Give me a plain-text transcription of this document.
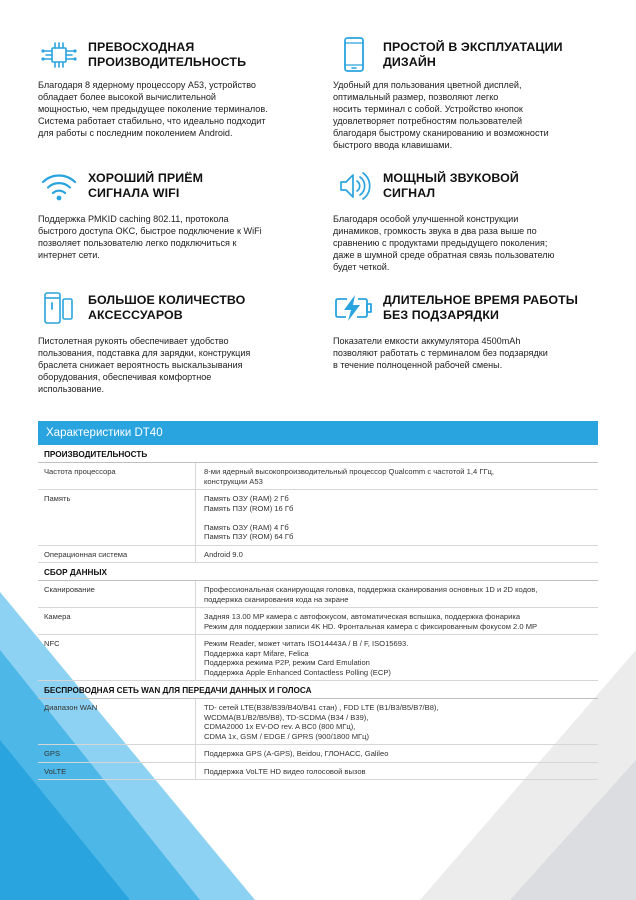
ПРЕВОСХОДНАЯ
ПРОИЗВОДИТЕЛЬНОСТЬ
Благодаря 8 ядерному процессору A53, устройство
обладает более высокой вычислительной
мощностью, чем предыдущее поколение терминалов.
Система работает стабильно, что идеально подходит
для работы с последним поколением Android.
ПРОСТОЙ В ЭКСПЛУАТАЦИИ
ДИЗАЙН
Удобный для пользования цветной дисплей,
оптимальный размер, позволяют легко
носить терминал с собой. Устройство кнопок
удовлетворяет потребностям пользователей
благодаря быстрому сканированию и возможности
быстрого ввода клавишами.
ХОРОШИЙ ПРИЁМ
СИГНАЛА WIFI
Поддержка PMKID caching 802.11, протокола
быстрого доступа OKC, быстрое подключение к WiFi
позволяет пользователю легко подключиться к
интернет сети.
МОЩНЫЙ ЗВУКОВОЙ
СИГНАЛ
Благодаря особой улучшенной конструкции
динамиков, громкость звука в два раза выше по
сравнению с продуктами предыдущего поколения;
даже в шумной среде обратная связь пользователю
будет четкой.
БОЛЬШОЕ КОЛИЧЕСТВО
АКСЕССУАРОВ
Пистолетная рукоять обеспечивает удобство
пользования, подставка для зарядки, конструкция
браслета снижает вероятность выскальзывания
оборудования, обеспечивая комфортное
использование.
ДЛИТЕЛЬНОЕ ВРЕМЯ РАБОТЫ
БЕЗ ПОДЗАРЯДКИ
Показатели емкости аккумулятора 4500mAh
позволяют работать с терминалом без подзарядки
в течение полноценной рабочей смены.
Характеристики DT40
ПРОИЗВОДИТЕЛЬНОСТЬ
Частота процессора	8-ми ядерный высокопроизводительный процессор Qualcomm с частотой 1,4 ГГц,
конструкции A53
Память	Память ОЗУ (RAM) 2 Гб
Память ПЗУ (ROM) 16 Гб
Память ОЗУ (RAM) 4 Гб
Память ПЗУ (ROM) 64 Гб
Операционная система	Android 9.0
СБОР ДАННЫХ
Сканирование	Профессиональная сканирующая головка, поддержка сканирования основных 1D и 2D кодов,
поддержка сканирования кода на экране
Камера	Задняя 13.00 MP камера с автофокусом, автоматическая вспышка, поддержка фонарика
Режим для поддержки записи 4K HD. Фронтальная камера с фиксированным фокусом 2.0 MP
NFC	Режим Reader, может читать ISO14443A / B / F, ISO15693.
Поддержка карт Mifare, Felica
Поддержка режима P2P, режим Card Emulation
Поддержка Apple Enhanced Contactless Polling (ECP)
БЕСПРОВОДНАЯ СЕТЬ WAN ДЛЯ ПЕРЕДАЧИ ДАННЫХ И ГОЛОСА
Диапазон WAN	TD- сетей LTE(B38/B39/B40/B41 стан) , FDD LTE (B1/B3/B5/B7/B8),
WCDMA(B1/B2/B5/B8), TD-SCDMA (B34 / B39),
CDMA2000 1x EV-DO rev. A BC0 (800 МГц),
CDMA 1x, GSM / EDGE / GPRS (900/1800 МГц)
GPS	Поддержка GPS (A-GPS), Beidou, ГЛОНАСС, Galileo
VoLTE	Поддержка VoLTE HD видео голосовой вызов
